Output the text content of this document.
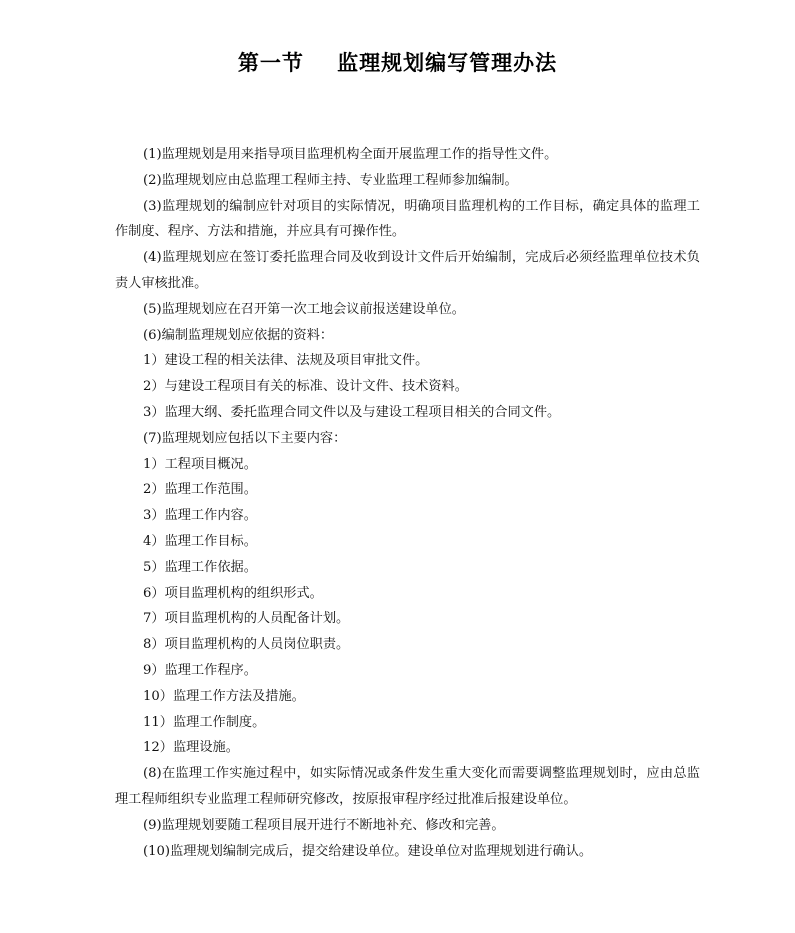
第一节    监理规划编写管理办法

(1)监理规划是用来指导项目监理机构全面开展监理工作的指导性文件。

(2)监理规划应由总监理工程师主持、专业监理工程师参加编制。

(3)监理规划的编制应针对项目的实际情况，明确项目监理机构的工作目标，确定具体的监理工作制度、程序、方法和措施，并应具有可操作性。

(4)监理规划应在签订委托监理合同及收到设计文件后开始编制，完成后必须经监理单位技术负责人审核批准。

(5)监理规划应在召开第一次工地会议前报送建设单位。

(6)编制监理规划应依据的资料：

1）建设工程的相关法律、法规及项目审批文件。

2）与建设工程项目有关的标准、设计文件、技术资料。

3）监理大纲、委托监理合同文件以及与建设工程项目相关的合同文件。

(7)监理规划应包括以下主要内容：

1）工程项目概况。

2）监理工作范围。

3）监理工作内容。

4）监理工作目标。

5）监理工作依据。

6）项目监理机构的组织形式。

7）项目监理机构的人员配备计划。

8）项目监理机构的人员岗位职责。

9）监理工作程序。

10）监理工作方法及措施。

11）监理工作制度。

12）监理设施。

(8)在监理工作实施过程中，如实际情况或条件发生重大变化而需要调整监理规划时，应由总监理工程师组织专业监理工程师研究修改，按原报审程序经过批准后报建设单位。

(9)监理规划要随工程项目展开进行不断地补充、修改和完善。

(10)监理规划编制完成后，提交给建设单位。建设单位对监理规划进行确认。
